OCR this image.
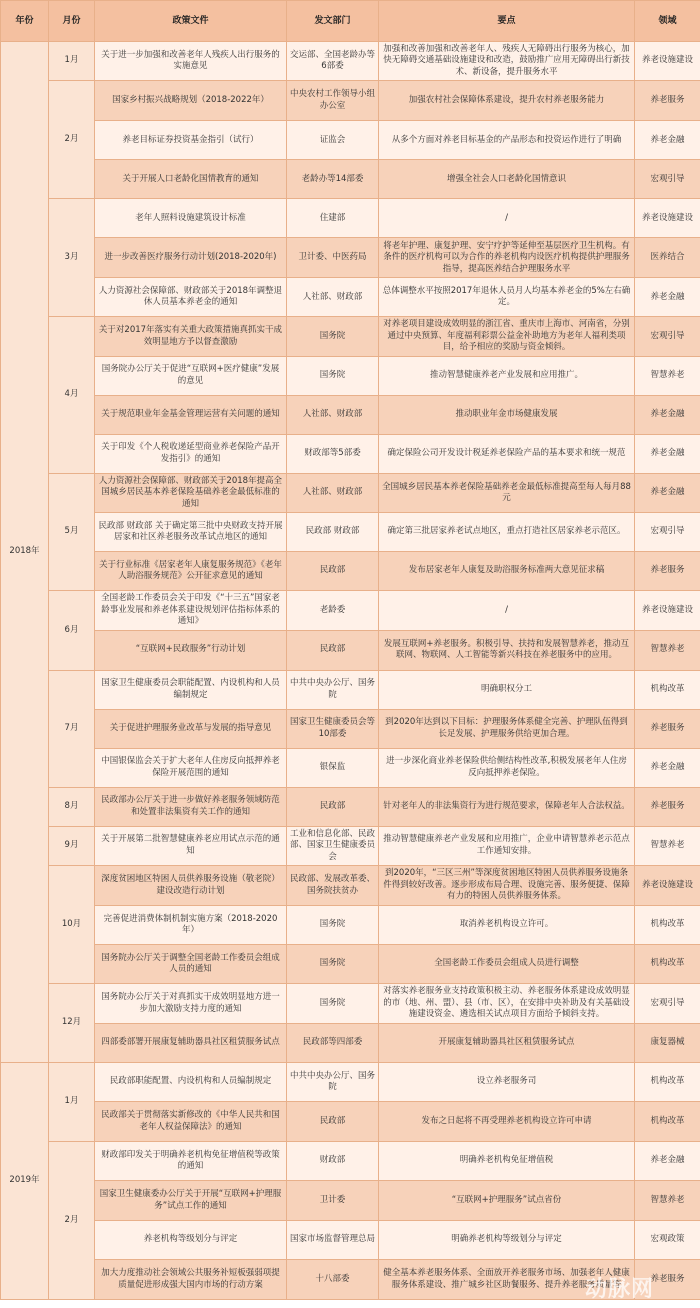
年份	月份	政策文件	发文部门	要点	领域
2018年	1月	关于进一步加强和改善老年人残疾人出行服务的实施意见	交运部、全国老龄办等6部委	加强和改善加强和改善老年人、残疾人无障碍出行服务为核心，加快无障碍交通基础设施建设和改造，鼓励推广应用无障碍出行新技术、新设备，提升服务水平	养老设施建设
	2月	国家乡村振兴战略规划（2018-2022年）	中央农村工作领导小组办公室	加强农村社会保障体系建设，提升农村养老服务能力	养老服务
		养老目标证券投资基金指引（试行）	证监会	从多个方面对养老目标基金的产品形态和投资运作进行了明确	养老金融
		关于开展人口老龄化国情教育的通知	老龄办等14部委	增强全社会人口老龄化国情意识	宏观引导
	3月	老年人照料设施建筑设计标准	住建部	/	养老设施建设
		进一步改善医疗服务行动计划(2018-2020年)	卫计委、中医药局	将老年护理、康复护理、安宁疗护等延伸至基层医疗卫生机构。有条件的医疗机构可以为合作的养老机构内设医疗机构提供护理服务指导，提高医养结合护理服务水平	医养结合
		人力资源社会保障部、财政部关于2018年调整退休人员基本养老金的通知	人社部、财政部	总体调整水平按照2017年退休人员月人均基本养老金的5%左右确定。	养老金融
	4月	关于对2017年落实有关重大政策措施真抓实干成效明显地方予以督查激励	国务院	对养老项目建设成效明显的浙江省、重庆市上海市、河南省，分别通过中央预算、年度福利彩票公益金补助地方为老年人福利类项目，给予相应的奖励与资金倾斜。	宏观引导
		国务院办公厅关于促进“互联网+医疗健康”发展的意见	国务院	推动智慧健康养老产业发展和应用推广。	智慧养老
		关于规范职业年金基金管理运营有关问题的通知	人社部、财政部	推动职业年金市场健康发展	养老金融
		关于印发《个人税收递延型商业养老保险产品开发指引》的通知	财政部等5部委	确定保险公司开发设计税延养老保险产品的基本要求和统一规范	养老金融
	5月	人力资源社会保障部、财政部关于2018年提高全国城乡居民基本养老保险基础养老金最低标准的通知	人社部、财政部	全国城乡居民基本养老保险基础养老金最低标准提高至每人每月88元	养老金融
		民政部 财政部 关于确定第三批中央财政支持开展居家和社区养老服务改革试点地区的通知	民政部 财政部	确定第三批居家养老试点地区，重点打造社区居家养老示范区。	宏观引导
		关于行业标准《居家老年人康复服务规范》《老年人助浴服务规范》公开征求意见的通知	民政部	发布居家老年人康复及助浴服务标准两大意见征求稿	养老服务
	6月	全国老龄工作委员会关于印发《“十三五”国家老龄事业发展和养老体系建设规划评估指标体系的通知》	老龄委	/	养老设施建设
		“互联网+民政服务”行动计划	民政部	发展互联网+养老服务。积极引导、扶持和发展智慧养老，推动互联网、物联网、人工智能等新兴科技在养老服务中的应用。	智慧养老
	7月	国家卫生健康委员会职能配置、内设机构和人员编制规定	中共中央办公厅、国务院	明确职权分工	机构改革
		关于促进护理服务业改革与发展的指导意见	国家卫生健康委员会等10部委	到2020年达到以下目标：护理服务体系健全完善、护理队伍得到长足发展、护理服务供给更加合理。	养老服务
		中国银保监会关于扩大老年人住房反向抵押养老保险开展范围的通知	银保监	进一步深化商业养老保险供给侧结构性改革,积极发展老年人住房反向抵押养老保险。	养老金融
	8月	民政部办公厅关于进一步做好养老服务领域防范和处置非法集资有关工作的通知	民政部	针对老年人的非法集资行为进行规范要求，保障老年人合法权益。	养老服务
	9月	关于开展第二批智慧健康养老应用试点示范的通知	工业和信息化部、民政部、国家卫生健康委员会	推动智慧健康养老产业发展和应用推广，企业申请智慧养老示范点工作通知安排。	智慧养老
	10月	深度贫困地区特困人员供养服务设施（敬老院）建设改造行动计划	民政部、发展改革委、国务院扶贫办	到2020年，“三区三州”等深度贫困地区特困人员供养服务设施条件得到较好改善。逐步形成布局合理、设施完善、服务便捷、保障有力的特困人员供养服务体系。	养老设施建设
		完善促进消费体制机制实施方案（2018-2020年）	国务院	取消养老机构设立许可。	机构改革
		国务院办公厅关于调整全国老龄工作委员会组成人员的通知	国务院	全国老龄工作委员会组成人员进行调整	机构改革
	12月	国务院办公厅关于对真抓实干成效明显地方进一步加大激励支持力度的通知	国务院	对落实养老服务业支持政策积极主动、养老服务体系建设成效明显的市（地、州、盟）、县（市、区），在安排中央补助及有关基础设施建设资金、遴选相关试点项目方面给予倾斜支持。	宏观引导
		四部委部署开展康复辅助器具社区租赁服务试点	民政部等四部委	开展康复辅助器具社区租赁服务试点	康复器械
2019年	1月	民政部职能配置、内设机构和人员编制规定	中共中央办公厅、国务院	设立养老服务司	机构改革
		民政部关于贯彻落实新修改的《中华人民共和国老年人权益保障法》的通知	民政部	发布之日起将不再受理养老机构设立许可申请	机构改革
	2月	财政部印发关于明确养老机构免征增值税等政策的通知	财政部	明确养老机构免征增值税	养老金融
		国家卫生健康委办公厅关于开展“互联网+护理服务”试点工作的通知	卫计委	“互联网+护理服务”试点省份	智慧养老
		养老机构等级划分与评定	国家市场监督管理总局	明确养老机构等级划分与评定	宏观政策
		加大力度推动社会领域公共服务补短板强弱项提质量促进形成强大国内市场的行动方案	十八部委	健全基本养老服务体系、全面放开养老服务市场、加强老年人健康服务体系建设、推广城乡社区助餐服务、提升养老服务质量等	养老服务
动脉网
